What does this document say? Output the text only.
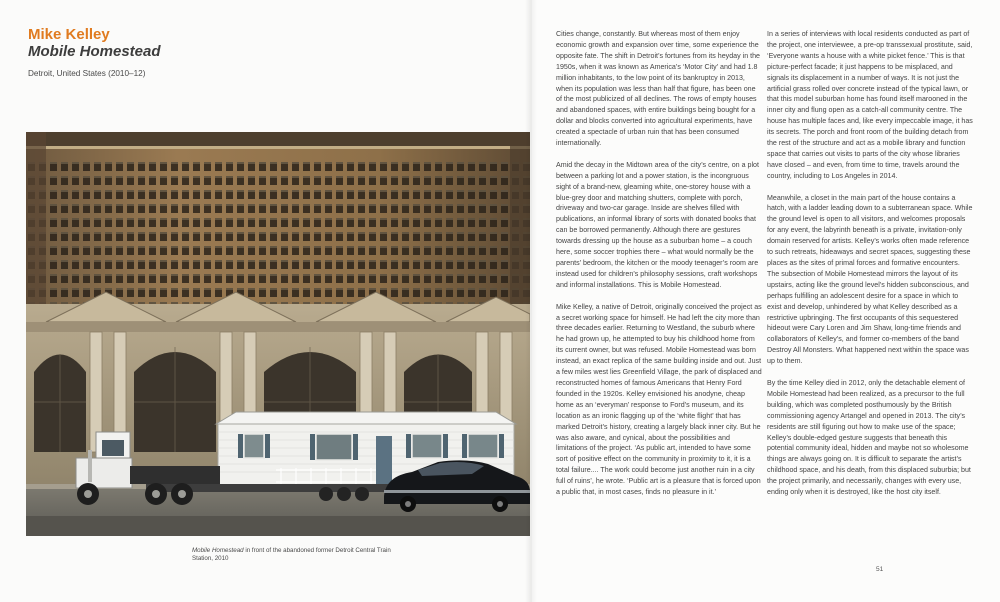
Mike Kelley
Mobile Homestead

Detroit, United States (2010–12)

Mobile Homestead in front of the abandoned former Detroit Central Train Station, 2010

Cities change, constantly. But whereas most of them enjoy economic growth and expansion over time, some experience the opposite fate. The shift in Detroit’s fortunes from its heyday in the 1950s, when it was known as America’s ‘Motor City’ and had 1.8 million inhabitants, to the low point of its bankruptcy in 2013, when its population was less than half that figure, has been one of the most publicized of all declines. The rows of empty houses and abandoned spaces, with entire buildings being bought for a dollar and blocks converted into agricultural experiments, have created a spectacle of urban ruin that has been consumed internationally.

Amid the decay in the Midtown area of the city’s centre, on a plot between a parking lot and a power station, is the incongruous sight of a brand-new, gleaming white, one-storey house with a blue-grey door and matching shutters, complete with porch, driveway and two-car garage. Inside are shelves filled with publications, an informal library of sorts with donated books that can be borrowed permanently. Although there are gestures towards dressing up the house as a suburban home – a couch here, some soccer trophies there – what would normally be the parents’ bedroom, the kitchen or the moody teenager’s room are instead used for children’s philosophy sessions, craft workshops and informal installations. This is Mobile Homestead.

Mike Kelley, a native of Detroit, originally conceived the project as a secret working space for himself. He had left the city more than three decades earlier. Returning to Westland, the suburb where he had grown up, he attempted to buy his childhood home from its current owner, but was refused. Mobile Homestead was born instead, an exact replica of the same building inside and out. Just a few miles west lies Greenfield Village, the park of displaced and reconstructed homes of famous Americans that Henry Ford founded in the 1920s. Kelley envisioned his anodyne, cheap home as an ‘everyman’ response to Ford’s museum, and its location as an ironic flagging up of the ‘white flight’ that has marked Detroit’s history, creating a largely black inner city. But he was also aware, and cynical, about the possibilities and limitations of the project. ‘As public art, intended to have some sort of positive effect on the community in proximity to it, it is a total failure.... The work could become just another ruin in a city full of ruins’, he wrote. ‘Public art is a pleasure that is forced upon a public that, in most cases, finds no pleasure in it.’

In a series of interviews with local residents conducted as part of the project, one interviewee, a pre-op transsexual prostitute, said, ‘Everyone wants a house with a white picket fence.’ This is that picture-perfect facade; it just happens to be misplaced, and signals its displacement in a number of ways. It is not just the artificial grass rolled over concrete instead of the typical lawn, or that this model suburban home has found itself marooned in the inner city and flung open as a catch-all community centre. The house has multiple faces and, like every impeccable image, it has its secrets. The porch and front room of the building detach from the rest of the structure and act as a mobile library and function space that carries out visits to parts of the city whose libraries have closed – and even, from time to time, travels around the country, including to Los Angeles in 2014.

Meanwhile, a closet in the main part of the house contains a hatch, with a ladder leading down to a subterranean space. While the ground level is open to all visitors, and welcomes proposals for any event, the labyrinth beneath is a private, invitation-only domain reserved for artists. Kelley’s works often made reference to such retreats, hideaways and secret spaces, suggesting these places as the sites of primal forces and formative encounters. The subsection of Mobile Homestead mirrors the layout of its upstairs, acting like the ground level’s hidden subconscious, and perhaps fulfilling an adolescent desire for a space in which to exist and develop, unhindered by what Kelley described as a restrictive upbringing. The first occupants of this sequestered hideout were Cary Loren and Jim Shaw, long-time friends and collaborators of Kelley’s, and former co-members of the band Destroy All Monsters. What happened next within the space was up to them.

By the time Kelley died in 2012, only the detachable element of Mobile Homestead had been realized, as a precursor to the full building, which was completed posthumously by the British commissioning agency Artangel and opened in 2013. The city’s residents are still figuring out how to make use of the space; Kelley’s double-edged gesture suggests that beneath this potential community ideal, hidden and maybe not so wholesome things are always going on. It is difficult to separate the artist’s childhood space, and his death, from this displaced suburbia; but the project primarily, and necessarily, changes with every use, ending only when it is destroyed, like the host city itself.

51
